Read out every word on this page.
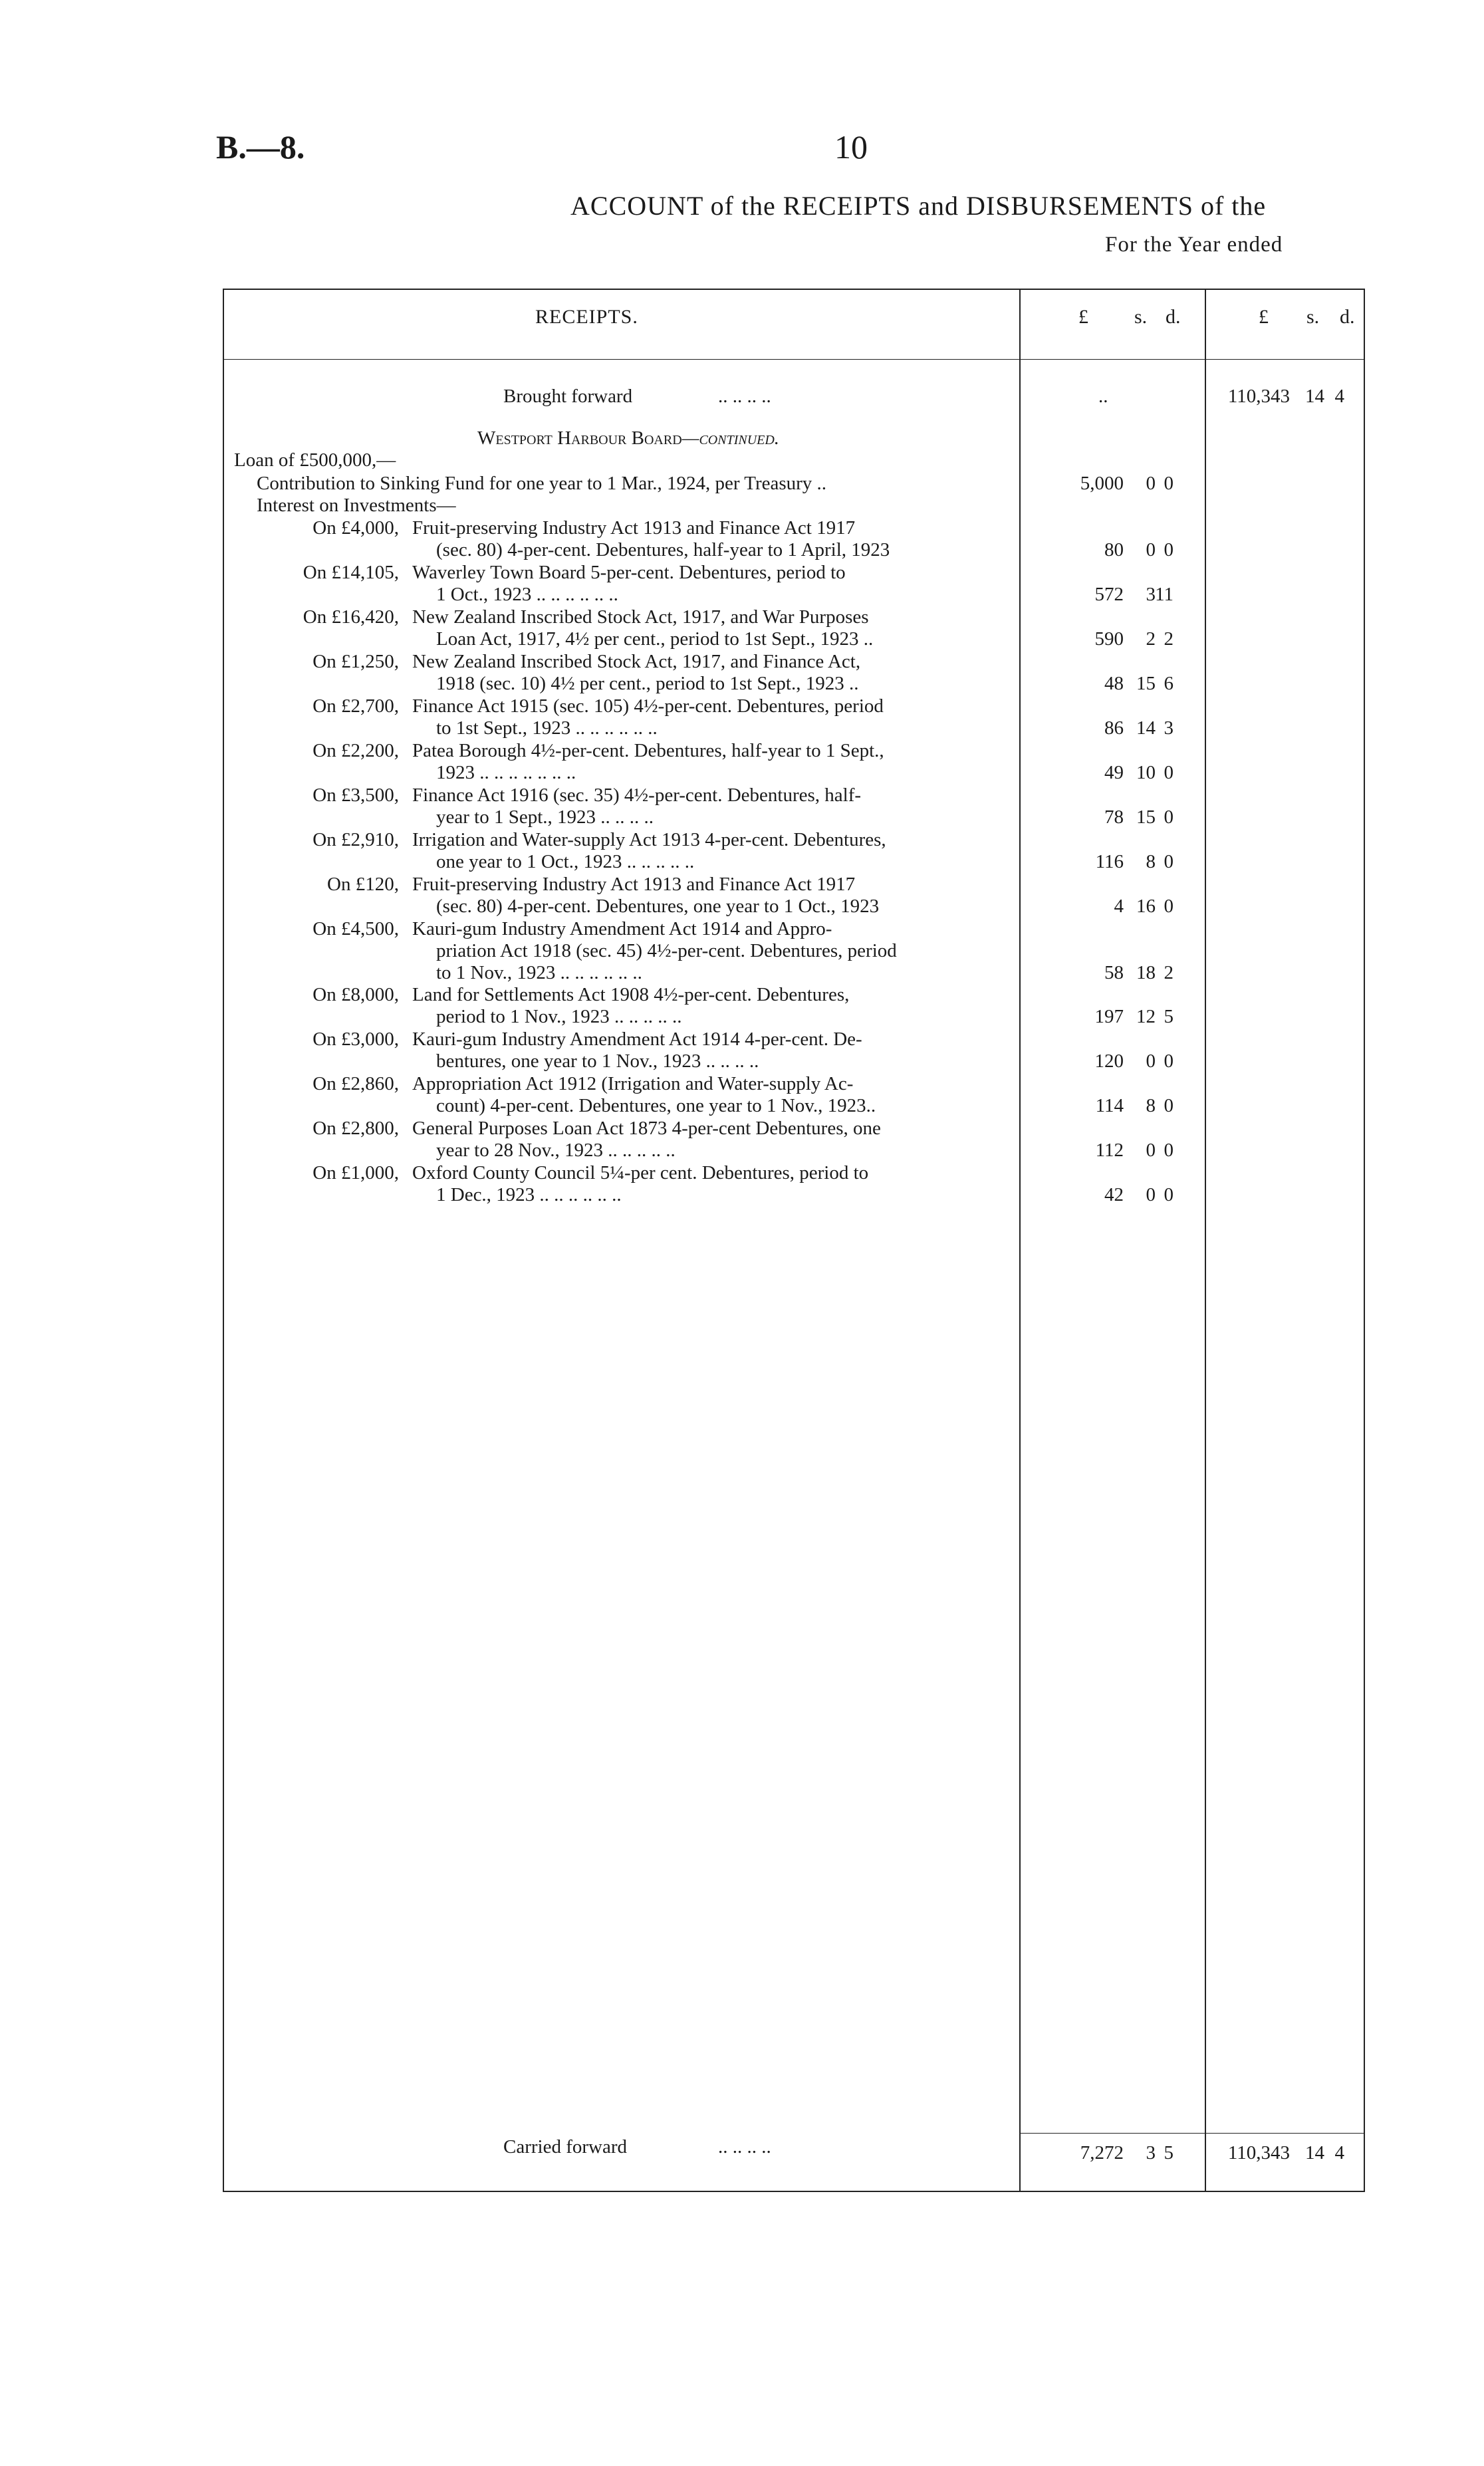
B.—8.	10
ACCOUNT of the RECEIPTS and DISBURSEMENTS of the
For the Year ended
RECEIPTS.	£ s. d.	£ s. d.
Brought forward	.. .. .. ..	..	110,343 14 4
Westport Harbour Board—continued.
Loan of £500,000,—
Contribution to Sinking Fund for one year to 1 Mar., 1924, per Treasury ..	5,000 0 0
Interest on Investments—
On £4,000, Fruit-preserving Industry Act 1913 and Finance Act 1917
(sec. 80) 4-per-cent. Debentures, half-year to 1 April, 1923	80 0 0
On £14,105, Waverley Town Board 5-per-cent. Debentures, period to
1 Oct., 1923 .. .. .. .. .. ..	572 3 11
On £16,420, New Zealand Inscribed Stock Act, 1917, and War Purposes
Loan Act, 1917, 4½ per cent., period to 1st Sept., 1923 ..	590 2 2
On £1,250, New Zealand Inscribed Stock Act, 1917, and Finance Act,
1918 (sec. 10) 4½ per cent., period to 1st Sept., 1923 ..	48 15 6
On £2,700, Finance Act 1915 (sec. 105) 4½-per-cent. Debentures, period
to 1st Sept., 1923 .. .. .. .. .. ..	86 14 3
On £2,200, Patea Borough 4½-per-cent. Debentures, half-year to 1 Sept.,
1923 .. .. .. .. .. .. ..	49 10 0
On £3,500, Finance Act 1916 (sec. 35) 4½-per-cent. Debentures, half-
year to 1 Sept., 1923 .. .. .. ..	78 15 0
On £2,910, Irrigation and Water-supply Act 1913 4-per-cent. Debentures,
one year to 1 Oct., 1923 .. .. .. .. ..	116 8 0
On £120, Fruit-preserving Industry Act 1913 and Finance Act 1917
(sec. 80) 4-per-cent. Debentures, one year to 1 Oct., 1923	4 16 0
On £4,500, Kauri-gum Industry Amendment Act 1914 and Appro-
priation Act 1918 (sec. 45) 4½-per-cent. Debentures, period
to 1 Nov., 1923 .. .. .. .. .. ..	58 18 2
On £8,000, Land for Settlements Act 1908 4½-per-cent. Debentures,
period to 1 Nov., 1923 .. .. .. .. ..	197 12 5
On £3,000, Kauri-gum Industry Amendment Act 1914 4-per-cent. De-
bentures, one year to 1 Nov., 1923 .. .. .. ..	120 0 0
On £2,860, Appropriation Act 1912 (Irrigation and Water-supply Ac-
count) 4-per-cent. Debentures, one year to 1 Nov., 1923..	114 8 0
On £2,800, General Purposes Loan Act 1873 4-per-cent Debentures, one
year to 28 Nov., 1923 .. .. .. .. ..	112 0 0
On £1,000, Oxford County Council 5¼-per cent. Debentures, period to
1 Dec., 1923 .. .. .. .. .. ..	42 0 0
Carried forward	.. .. .. ..	7,272 3 5	110,343 14 4
